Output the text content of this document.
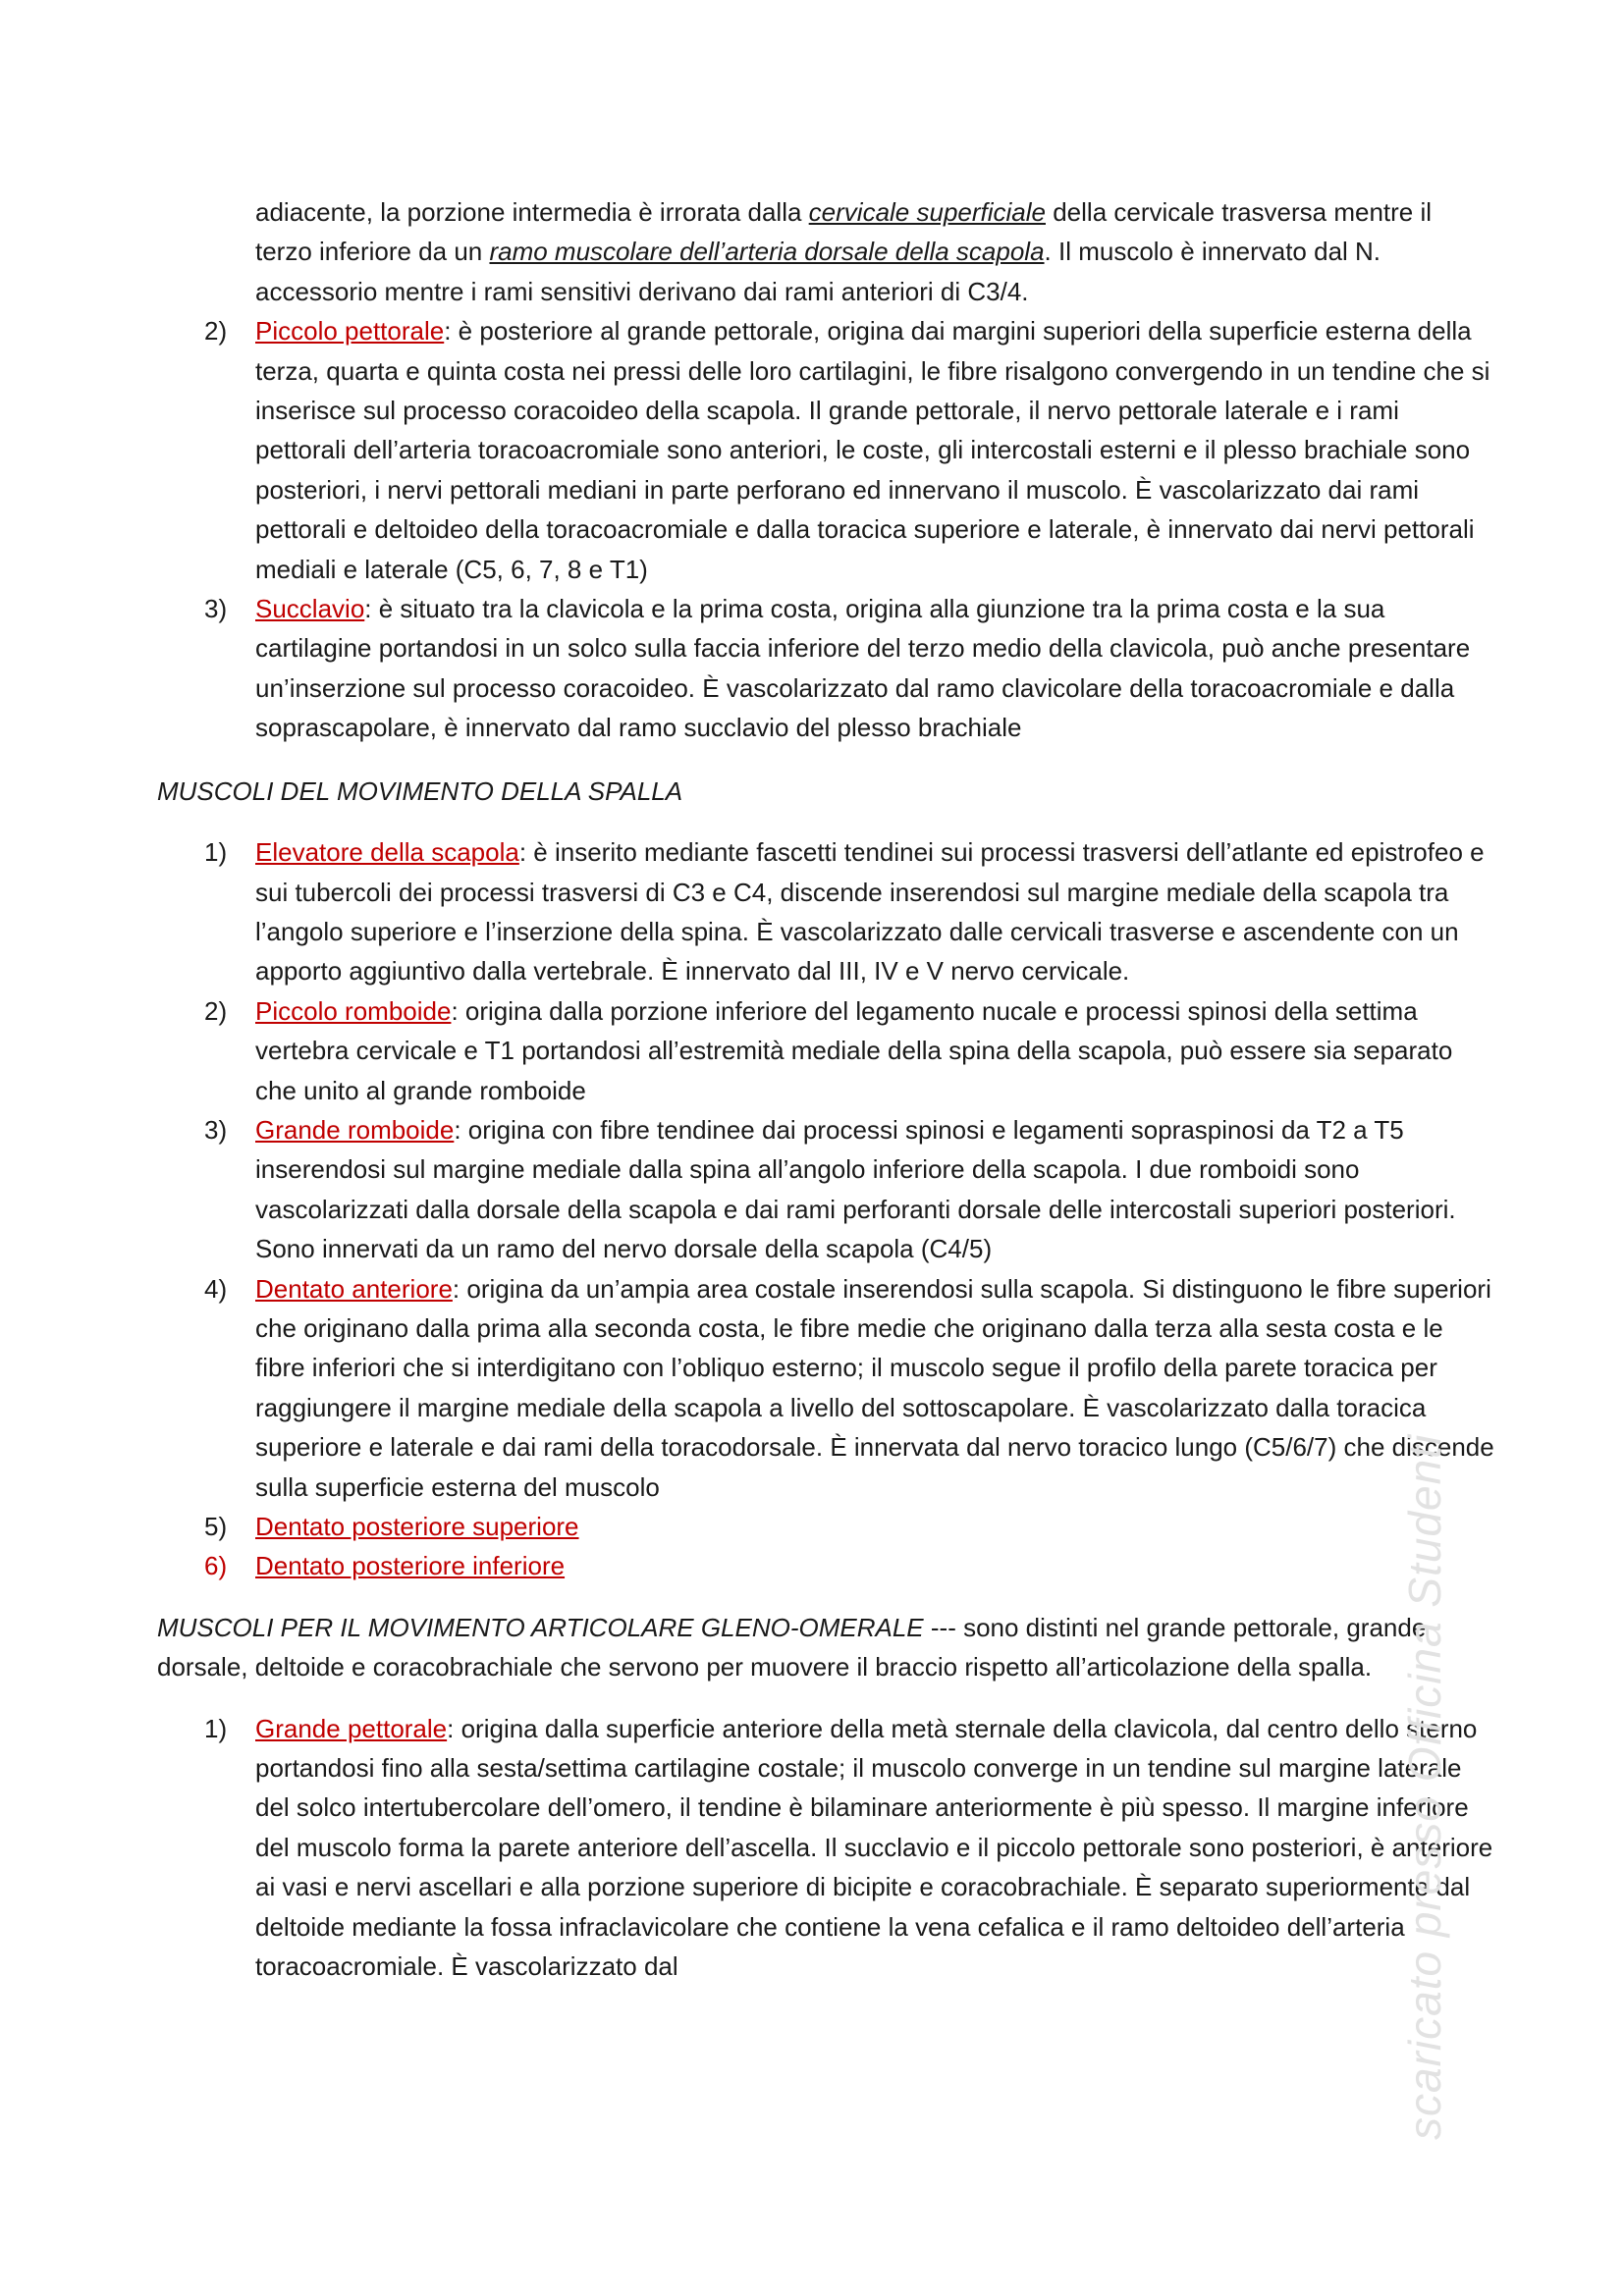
adiacente, la porzione intermedia è irrorata dalla cervicale superficiale della cervicale trasversa mentre il terzo inferiore da un ramo muscolare dell’arteria dorsale della scapola. Il muscolo è innervato dal N. accessorio mentre i rami sensitivi derivano dai rami anteriori di C3/4.

2) Piccolo pettorale: è posteriore al grande pettorale, origina dai margini superiori della superficie esterna della terza, quarta e quinta costa nei pressi delle loro cartilagini, le fibre risalgono convergendo in un tendine che si inserisce sul processo coracoideo della scapola. Il grande pettorale, il nervo pettorale laterale e i rami pettorali dell’arteria toracoacromiale sono anteriori, le coste, gli intercostali esterni e il plesso brachiale sono posteriori, i nervi pettorali mediani in parte perforano ed innervano il muscolo. È vascolarizzato dai rami pettorali e deltoideo della toracoacromiale e dalla toracica superiore e laterale, è innervato dai nervi pettorali mediali e laterale (C5, 6, 7, 8 e T1)
3) Succlavio: è situato tra la clavicola e la prima costa, origina alla giunzione tra la prima costa e la sua cartilagine portandosi in un solco sulla faccia inferiore del terzo medio della clavicola, può anche presentare un’inserzione sul processo coracoideo. È vascolarizzato dal ramo clavicolare della toracoacromiale e dalla soprascapolare, è innervato dal ramo succlavio del plesso brachiale

MUSCOLI DEL MOVIMENTO DELLA SPALLA

1) Elevatore della scapola: è inserito mediante fascetti tendinei sui processi trasversi dell’atlante ed epistrofeo e sui tubercoli dei processi trasversi di C3 e C4, discende inserendosi sul margine mediale della scapola tra l’angolo superiore e l’inserzione della spina. È vascolarizzato dalle cervicali trasverse e ascendente con un apporto aggiuntivo dalla vertebrale. È innervato dal III, IV e V nervo cervicale.
2) Piccolo romboide: origina dalla porzione inferiore del legamento nucale e processi spinosi della settima vertebra cervicale e T1 portandosi all’estremità mediale della spina della scapola, può essere sia separato che unito al grande romboide
3) Grande romboide: origina con fibre tendinee dai processi spinosi e legamenti sopraspinosi da T2 a T5 inserendosi sul margine mediale dalla spina all’angolo inferiore della scapola. I due romboidi sono vascolarizzati dalla dorsale della scapola e dai rami perforanti dorsale delle intercostali superiori posteriori. Sono innervati da un ramo del nervo dorsale della scapola (C4/5)
4) Dentato anteriore: origina da un’ampia area costale inserendosi sulla scapola. Si distinguono le fibre superiori che originano dalla prima alla seconda costa, le fibre medie che originano dalla terza alla sesta costa e le fibre inferiori che si interdigitano con l’obliquo esterno; il muscolo segue il profilo della parete toracica per raggiungere il margine mediale della scapola a livello del sottoscapolare. È vascolarizzato dalla toracica superiore e laterale e dai rami della toracodorsale. È innervata dal nervo toracico lungo (C5/6/7) che discende sulla superficie esterna del muscolo
5) Dentato posteriore superiore
6) Dentato posteriore inferiore

MUSCOLI PER IL MOVIMENTO ARTICOLARE GLENO-OMERALE --- sono distinti nel grande pettorale, grande dorsale, deltoide e coracobrachiale che servono per muovere il braccio rispetto all’articolazione della spalla.

1) Grande pettorale: origina dalla superficie anteriore della metà sternale della clavicola, dal centro dello sterno portandosi fino alla sesta/settima cartilagine costale; il muscolo converge in un tendine sul margine laterale del solco intertubercolare dell’omero, il tendine è bilaminare anteriormente è più spesso. Il margine inferiore del muscolo forma la parete anteriore dell’ascella. Il succlavio e il piccolo pettorale sono posteriori, è anteriore ai vasi e nervi ascellari e alla porzione superiore di bicipite e coracobrachiale. È separato superiormente dal deltoide mediante la fossa infraclavicolare che contiene la vena cefalica e il ramo deltoideo dell’arteria toracoacromiale. È vascolarizzato dal	scaricato presso Officina Studenti
